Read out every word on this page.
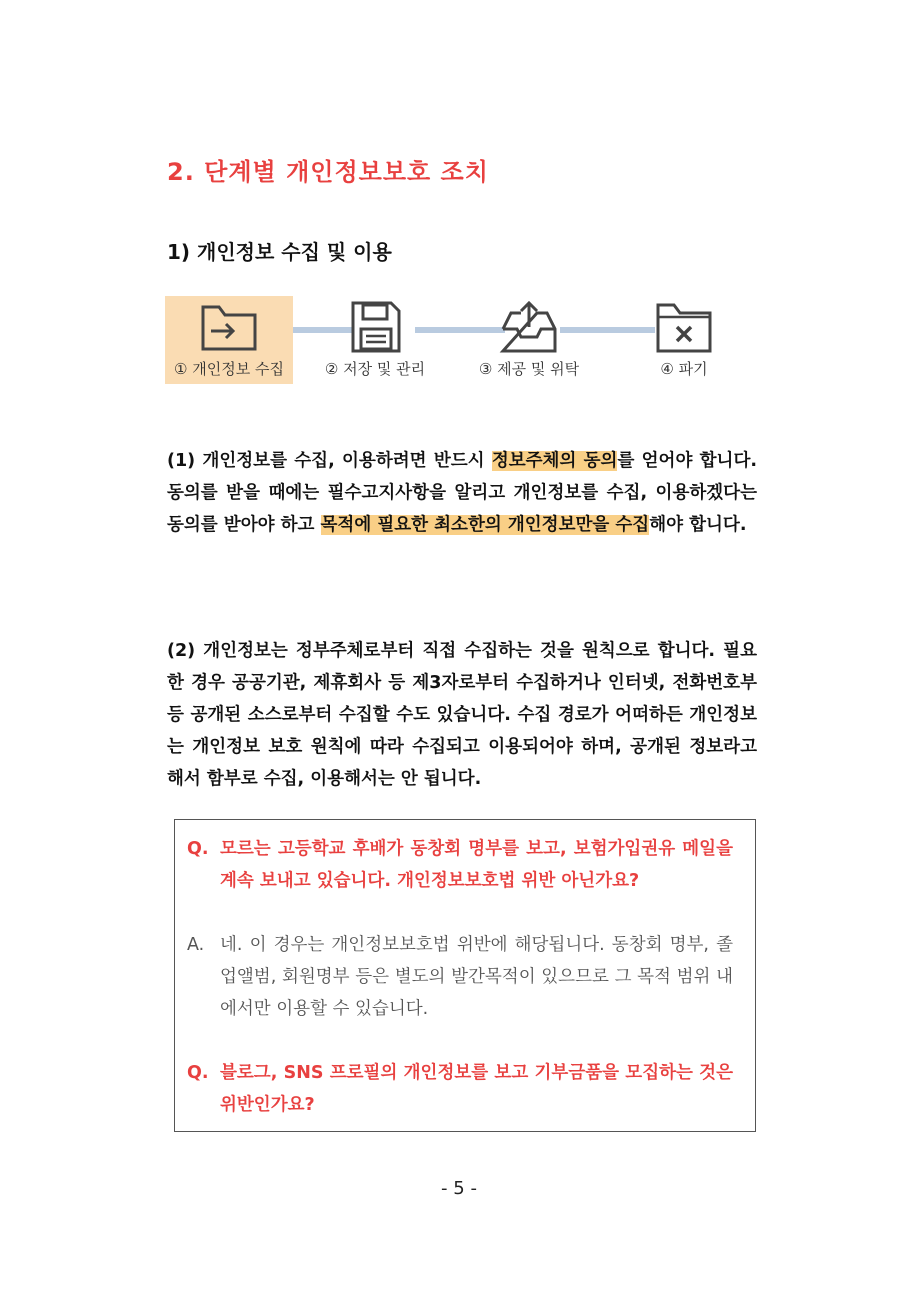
2. 단계별 개인정보보호 조치
1) 개인정보 수집 및 이용
① 개인정보 수집	② 저장 및 관리	③ 제공 및 위탁	④ 파기
(1) 개인정보를 수집, 이용하려면 반드시 정보주체의 동의를 얻어야 합니다. 동의를 받을 때에는 필수고지사항을 알리고 개인정보를 수집, 이용하겠다는 동의를 받아야 하고 목적에 필요한 최소한의 개인정보만을 수집해야 합니다.
(2) 개인정보는 정부주체로부터 직접 수집하는 것을 원칙으로 합니다. 필요한 경우 공공기관, 제휴회사 등 제3자로부터 수집하거나 인터넷, 전화번호부 등 공개된 소스로부터 수집할 수도 있습니다. 수집 경로가 어떠하든 개인정보는 개인정보 보호 원칙에 따라 수집되고 이용되어야 하며, 공개된 정보라고 해서 함부로 수집, 이용해서는 안 됩니다.
Q. 모르는 고등학교 후배가 동창회 명부를 보고, 보험가입권유 메일을 계속 보내고 있습니다. 개인정보보호법 위반 아닌가요?
A. 네. 이 경우는 개인정보보호법 위반에 해당됩니다. 동창회 명부, 졸업앨범, 회원명부 등은 별도의 발간목적이 있으므로 그 목적 범위 내에서만 이용할 수 있습니다.
Q. 블로그, SNS 프로필의 개인정보를 보고 기부금품을 모집하는 것은 위반인가요?
- 5 -
